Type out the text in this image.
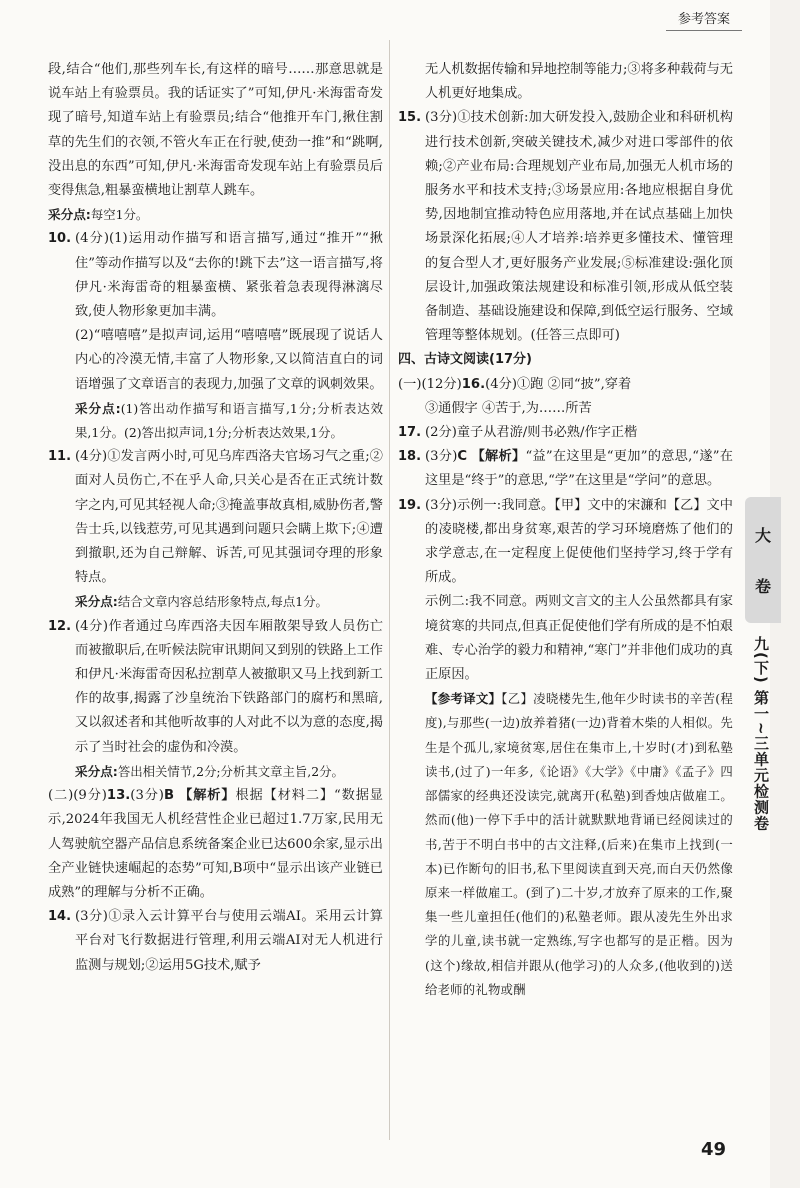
参考答案

段,结合“他们,那些列车长,有这样的暗号……那意思就是说车站上有验票员。我的话证实了”可知,伊凡·米海雷奇发现了暗号,知道车站上有验票员;结合“他推开车门,揪住割草的先生们的衣领,不管火车正在行驶,使劲一推”和“跳啊,没出息的东西”可知,伊凡·米海雷奇发现车站上有验票员后变得焦急,粗暴蛮横地让割草人跳车。

采分点:每空1分。

10. (4分)(1)运用动作描写和语言描写,通过“推开”“揪住”等动作描写以及“去你的!跳下去”这一语言描写,将伊凡·米海雷奇的粗暴蛮横、紧张着急表现得淋漓尽致,使人物形象更加丰满。

(2)“嘻嘻嘻”是拟声词,运用“嘻嘻嘻”既展现了说话人内心的冷漠无情,丰富了人物形象,又以简洁直白的词语增强了文章语言的表现力,加强了文章的讽刺效果。

采分点:(1)答出动作描写和语言描写,1分;分析表达效果,1分。(2)答出拟声词,1分;分析表达效果,1分。

11. (4分)①发言两小时,可见乌库西洛夫官场习气之重;②面对人员伤亡,不在乎人命,只关心是否在正式统计数字之内,可见其轻视人命;③掩盖事故真相,威胁伤者,警告士兵,以钱惹劳,可见其遇到问题只会瞒上欺下;④遭到撤职,还为自己辩解、诉苦,可见其强词夺理的形象特点。

采分点:结合文章内容总结形象特点,每点1分。

12. (4分)作者通过乌库西洛夫因车厢散架导致人员伤亡而被撤职后,在听候法院审讯期间又到别的铁路上工作和伊凡·米海雷奇因私拉割草人被撤职又马上找到新工作的故事,揭露了沙皇统治下铁路部门的腐朽和黑暗,又以叙述者和其他听故事的人对此不以为意的态度,揭示了当时社会的虚伪和冷漠。

采分点:答出相关情节,2分;分析其文章主旨,2分。

(二)(9分)13.(3分)B 【解析】根据【材料二】“数据显示,2024年我国无人机经营性企业已超过1.7万家,民用无人驾驶航空器产品信息系统备案企业已达600余家,显示出全产业链快速崛起的态势”可知,B项中“显示出该产业链已成熟”的理解与分析不正确。

14. (3分)①录入云计算平台与使用云端AI。采用云计算平台对飞行数据进行管理,利用云端AI对无人机进行监测与规划;②运用5G技术,赋予

无人机数据传输和异地控制等能力;③将多种载荷与无人机更好地集成。

15. (3分)①技术创新:加大研发投入,鼓励企业和科研机构进行技术创新,突破关键技术,减少对进口零部件的依赖;②产业布局:合理规划产业布局,加强无人机市场的服务水平和技术支持;③场景应用:各地应根据自身优势,因地制宜推动特色应用落地,并在试点基础上加快场景深化拓展;④人才培养:培养更多懂技术、懂管理的复合型人才,更好服务产业发展;⑤标准建设:强化顶层设计,加强政策法规建设和标准引领,形成从低空装备制造、基础设施建设和保障,到低空运行服务、空域管理等整体规划。(任答三点即可)

四、古诗文阅读(17分)

(一)(12分)16.(4分)①跑 ②同“披”,穿着

③通假字 ④苦于,为……所苦

17. (2分)童子从君游/则书必熟/作字正楷

18. (3分)C 【解析】“益”在这里是“更加”的意思,“遂”在这里是“终于”的意思,“学”在这里是“学问”的意思。

19. (3分)示例一:我同意。【甲】文中的宋濂和【乙】文中的凌晓楼,都出身贫寒,艰苦的学习环境磨炼了他们的求学意志,在一定程度上促使他们坚持学习,终于学有所成。

示例二:我不同意。两则文言文的主人公虽然都具有家境贫寒的共同点,但真正促使他们学有所成的是不怕艰难、专心治学的毅力和精神,“寒门”并非他们成功的真正原因。

【参考译文】【乙】凌晓楼先生,他年少时读书的辛苦(程度),与那些(一边)放养着猪(一边)背着木柴的人相似。先生是个孤儿,家境贫寒,居住在集市上,十岁时(才)到私塾读书,(过了)一年多,《论语》《大学》《中庸》《孟子》四部儒家的经典还没读完,就离开(私塾)到香烛店做雇工。然而(他)一停下手中的活计就默默地背诵已经阅读过的书,苦于不明白书中的古文注释,(后来)在集市上找到(一本)已作断句的旧书,私下里阅读直到天亮,而白天仍然像原来一样做雇工。(到了)二十岁,才放弃了原来的工作,聚集一些儿童担任(他们的)私塾老师。跟从凌先生外出求学的儿童,读书就一定熟练,写字也都写的是正楷。因为(这个)缘故,相信并跟从(他学习)的人众多,(他收到的)送给老师的礼物或酬

49
大
卷
九(下) 第一~三单元检测卷
